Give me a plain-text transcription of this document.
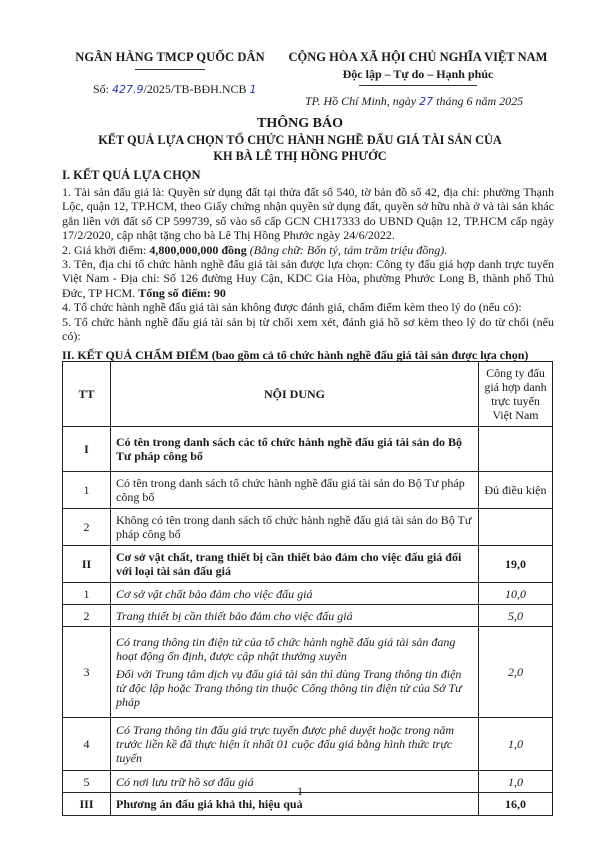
NGÂN HÀNG TMCP QUỐC DÂN	CỘNG HÒA XÃ HỘI CHỦ NGHĨA VIỆT NAM
Độc lập – Tự do – Hạnh phúc
Số: 427.9/2025/TB-BĐH.NCB 1
TP. Hồ Chí Minh, ngày 27 tháng 6 năm 2025
THÔNG BÁO
KẾT QUẢ LỰA CHỌN TỔ CHỨC HÀNH NGHỀ ĐẤU GIÁ TÀI SẢN CỦA
KH BÀ LÊ THỊ HỒNG PHƯỚC
I. KẾT QUẢ LỰA CHỌN

1. Tài sản đấu giá là: Quyền sử dụng đất tại thửa đất số 540, tờ bản đồ số 42, địa chỉ: phường Thạnh Lộc, quận 12, TP.HCM, theo Giấy chứng nhận quyền sử dụng đất, quyền sở hữu nhà ở và tài sản khác gắn liền với đất số CP 599739, số vào sổ cấp GCN CH17333 do UBND Quận 12, TP.HCM cấp ngày 17/2/2020, cập nhật tặng cho bà Lê Thị Hồng Phước ngày 24/6/2022.

2. Giá khởi điểm: 4,800,000,000 đồng (Bằng chữ: Bốn tỷ, tám trăm triệu đồng).

3. Tên, địa chỉ tổ chức hành nghề đấu giá tài sản được lựa chọn: Công ty đấu giá hợp danh trực tuyến Việt Nam - Địa chỉ: Số 126 đường Huy Cận, KDC Gia Hòa, phường Phước Long B, thành phố Thủ Đức, TP HCM. Tổng số điểm: 90

4. Tổ chức hành nghề đấu giá tài sản không được đánh giá, chấm điểm kèm theo lý do (nếu có):

5. Tổ chức hành nghề đấu giá tài sản bị từ chối xem xét, đánh giá hồ sơ kèm theo lý do từ chối (nếu có):

II. KẾT QUẢ CHẤM ĐIỂM (bao gồm cả tổ chức hành nghề đấu giá tài sản được lựa chọn)
TT	NỘI DUNG	Công ty đấu giá hợp danh trực tuyến Việt Nam
I	Có tên trong danh sách các tổ chức hành nghề đấu giá tài sản do Bộ Tư pháp công bố	
1	Có tên trong danh sách tổ chức hành nghề đấu giá tài sản do Bộ Tư pháp công bố	Đủ điều kiện
2	Không có tên trong danh sách tổ chức hành nghề đấu giá tài sản do Bộ Tư pháp công bố	
II	Cơ sở vật chất, trang thiết bị cần thiết bảo đảm cho việc đấu giá đối với loại tài sản đấu giá	19,0
1	Cơ sở vật chất bảo đảm cho việc đấu giá	10,0
2	Trang thiết bị cần thiết bảo đảm cho việc đấu giá	5,0
3	Có trang thông tin điện tử của tổ chức hành nghề đấu giá tài sản đang hoạt động ổn định, được cập nhật thường xuyên

Đối với Trung tâm dịch vụ đấu giá tài sản thì dùng Trang thông tin điện tử độc lập hoặc Trang thông tin thuộc Cổng thông tin điện tử của Sở Tư pháp	2,0
4	Có Trang thông tin đấu giá trực tuyến được phê duyệt hoặc trong năm trước liền kề đã thực hiện ít nhất 01 cuộc đấu giá bằng hình thức trực tuyến	1,0
5	Có nơi lưu trữ hồ sơ đấu giá	1,0
III	Phương án đấu giá khả thi, hiệu quả	16,0
1
